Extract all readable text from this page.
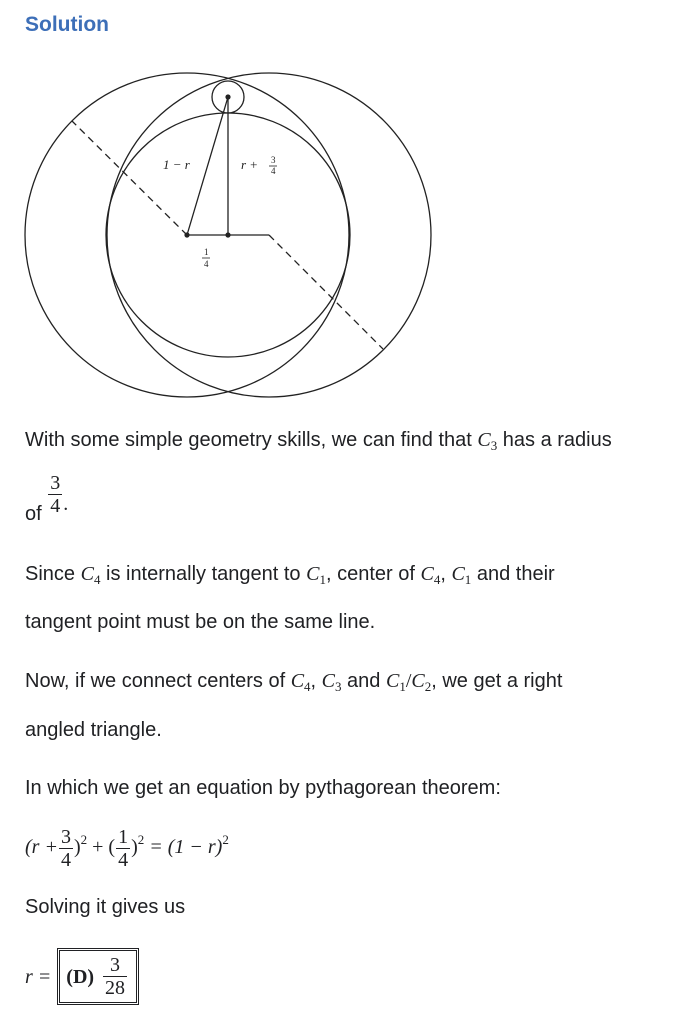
Solution
1 − r	r + 3
4
1
4
With some simple geometry skills, we can find that $C_3$ has a radius
of $\frac{3}{4}$ .
Since $C_4$ is internally tangent to $C_1$, center of $C_4$, $C_1$ and their
tangent point must be on the same line.
Now, if we connect centers of $C_4$, $C_3$ and $C_1/C_2$, we get a right
angled triangle.
In which we get an equation by pythagorean theorem:
$(r + \frac{3}{4} )^2$ + ( $\frac{1}{4} )^2 = (1 - r)^2$
Solving it gives us
$r = (D) \frac{3}{28}$
